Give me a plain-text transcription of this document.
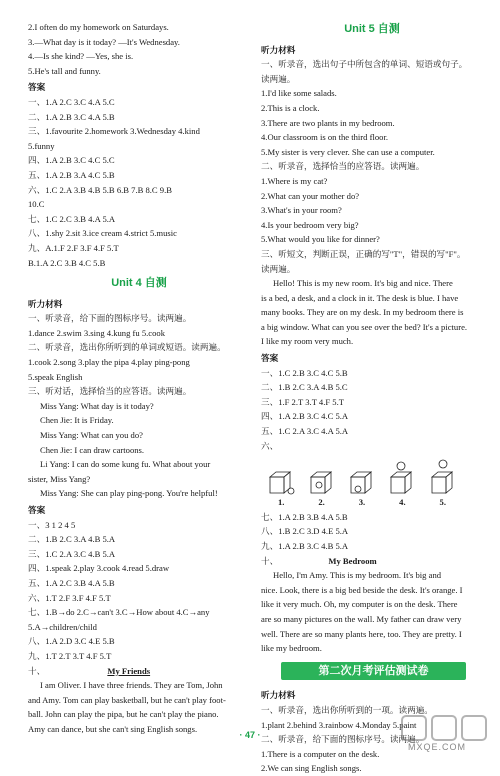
2.I often do my homework on Saturdays.
3.—What day is it today? —It's Wednesday.
4.—Is she kind? —Yes, she is.
5.He's tall and funny.
答案
一、1.A 2.C 3.C 4.A 5.C
二、1.A 2.B 3.C 4.A 5.B
三、1.favourite 2.homework 3.Wednesday 4.kind
5.funny
四、1.A 2.B 3.C 4.C 5.C
五、1.A 2.B 3.A 4.C 5.B
六、1.C 2.A 3.B 4.B 5.B 6.B 7.B 8.C 9.B
10.C
七、1.C 2.C 3.B 4.A 5.A
八、1.shy 2.sit 3.ice cream 4.strict 5.music
九、A.1.F 2.F 3.F 4.F 5.T
B.1.A 2.C 3.B 4.C 5.B
Unit 4 自测
听力材料
一、听录音，给下面的图标序号。读两遍。
1.dance 2.swim 3.sing 4.kung fu 5.cook
二、听录音，选出你所听到的单词或短语。读两遍。
1.cook 2.song 3.play the pipa 4.play ping-pong
5.speak English
三、听对话，选择恰当的应答语。读两遍。
Miss Yang: What day is it today?
Chen Jie: It is Friday.
Miss Yang: What can you do?
Chen Jie: I can draw cartoons.
Li Yang: I can do some kung fu. What about your
sister, Miss Yang?
Miss Yang: She can play ping-pong. You're helpful!
答案
一、3 1 2 4 5
二、1.B 2.C 3.A 4.B 5.A
三、1.C 2.A 3.C 4.B 5.A
四、1.speak 2.play 3.cook 4.read 5.draw
五、1.A 2.C 3.B 4.A 5.B
六、1.T 2.F 3.F 4.F 5.T
七、1.B→do 2.C→can't 3.C→How about 4.C→any
5.A→children/child
八、1.A 2.D 3.C 4.E 5.B
九、1.T 2.T 3.T 4.F 5.T
十、	My Friends
I am Oliver. I have three friends. They are Tom, John
and Amy. Tom can play basketball, but he can't play foot-
ball. John can play the pipa, but he can't play the piano.
Amy can dance, but she can't sing English songs.
Unit 5 自测
听力材料
一、听录音，选出句子中所包含的单词、短语或句子。
读两遍。
1.I'd like some salads.
2.This is a clock.
3.There are two plants in my bedroom.
4.Our classroom is on the third floor.
5.My sister is very clever. She can use a computer.
二、听录音，选择恰当的应答语。读两遍。
1.Where is my cat?
2.What can your mother do?
3.What's in your room?
4.Is your bedroom very big?
5.What would you like for dinner?
三、听短文，判断正误，正确的写"T"，错误的写"F"。
读两遍。
Hello! This is my new room. It's big and nice. There
is a bed, a desk, and a clock in it. The desk is blue. I have
many books. They are on my desk. In my bedroom there is
a big window. What can you see over the bed? It's a picture.
I like my room very much.
答案
一、1.C 2.B 3.C 4.C 5.B
二、1.B 2.C 3.A 4.B 5.C
三、1.F 2.T 3.T 4.F 5.T
四、1.A 2.B 3.C 4.C 5.A
五、1.C 2.A 3.C 4.A 5.A
六、
1.	2.	3.	4.	5.
七、1.A 2.B 3.B 4.A 5.B
八、1.B 2.C 3.D 4.E 5.A
九、1.A 2.B 3.C 4.B 5.A
十、	My Bedroom
Hello, I'm Amy. This is my bedroom. It's big and
nice. Look, there is a big bed beside the desk. It's orange. I
like it very much. Oh, my computer is on the desk. There
are so many pictures on the wall. My father can draw very
well. There are so many plants here, too. They are pretty. I
like my bedroom.
第二次月考评估测试卷
听力材料
一、听录音，选出你所听到的一项。读两遍。
1.plant 2.behind 3.rainbow 4.Monday 5.paint
二、听录音，给下面的图标序号。读两遍。
1.There is a computer on the desk.
2.We can sing English songs.
· 47 ·
MXQE.COM
